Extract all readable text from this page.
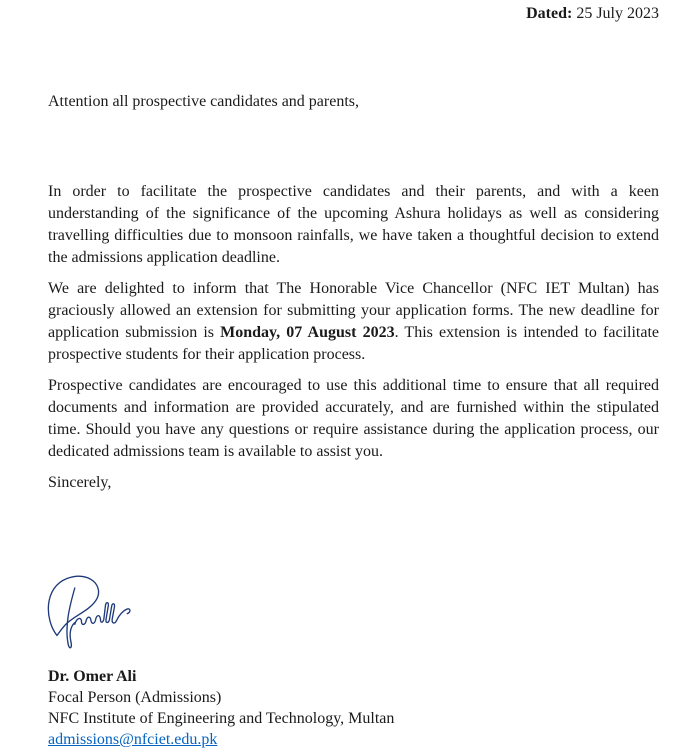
Dated: 25 July 2023
Attention all prospective candidates and parents,

In order to facilitate the prospective candidates and their parents, and with a keen understanding of the significance of the upcoming Ashura holidays as well as considering travelling difficulties due to monsoon rainfalls, we have taken a thoughtful decision to extend the admissions application deadline.

We are delighted to inform that The Honorable Vice Chancellor (NFC IET Multan) has graciously allowed an extension for submitting your application forms. The new deadline for application submission is Monday, 07 August 2023. This extension is intended to facilitate prospective students for their application process.

Prospective candidates are encouraged to use this additional time to ensure that all required documents and information are provided accurately, and are furnished within the stipulated time. Should you have any questions or require assistance during the application process, our dedicated admissions team is available to assist you.

Sincerely,
Dr. Omer Ali
Focal Person (Admissions)
NFC Institute of Engineering and Technology, Multan
admissions@nfciet.edu.pk
